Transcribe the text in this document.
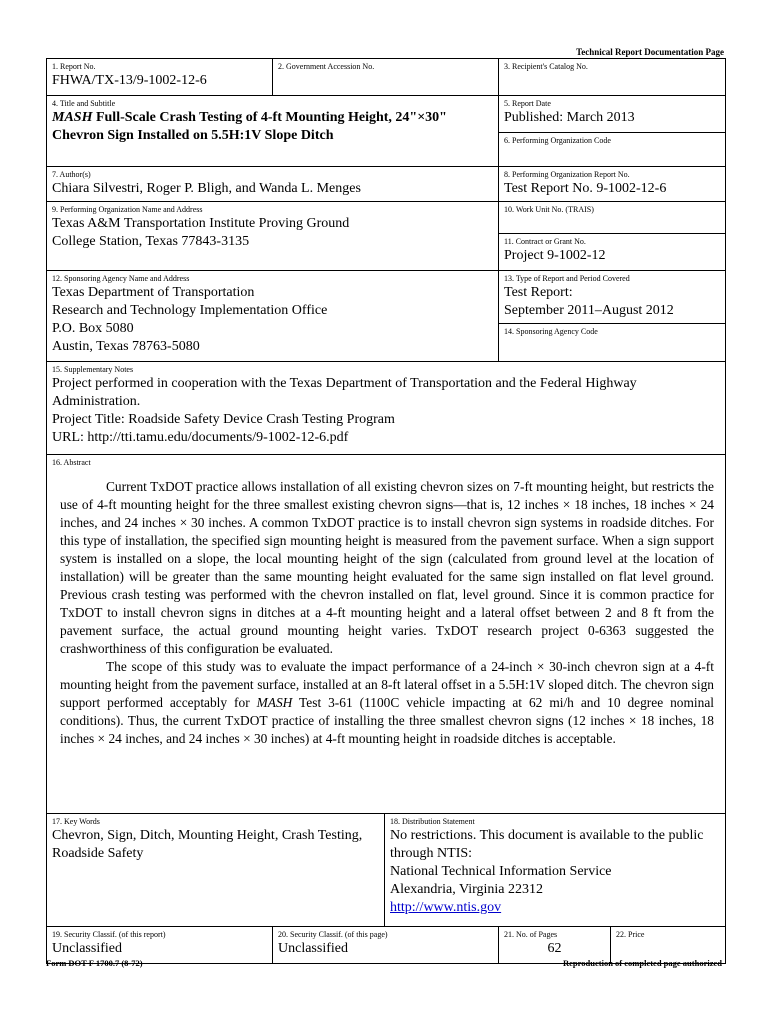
Technical Report Documentation Page
1. Report No.
FHWA/TX-13/9-1002-12-6
2. Government Accession No.	3. Recipient's Catalog No.
4. Title and Subtitle
MASH Full-Scale Crash Testing of 4-ft Mounting Height, 24"×30" Chevron Sign Installed on 5.5H:1V Slope Ditch
5. Report Date
Published: March 2013
6. Performing Organization Code
7. Author(s)
Chiara Silvestri, Roger P. Bligh, and Wanda L. Menges
8. Performing Organization Report No.
Test Report No. 9-1002-12-6
9. Performing Organization Name and Address
Texas A&M Transportation Institute Proving Ground
College Station, Texas 77843-3135
10. Work Unit No. (TRAIS)
11. Contract or Grant No.
Project 9-1002-12
12. Sponsoring Agency Name and Address
Texas Department of Transportation
Research and Technology Implementation Office
P.O. Box 5080
Austin, Texas 78763-5080
13. Type of Report and Period Covered
Test Report:
September 2011–August 2012
14. Sponsoring Agency Code
15. Supplementary Notes
Project performed in cooperation with the Texas Department of Transportation and the Federal Highway Administration.
Project Title: Roadside Safety Device Crash Testing Program
URL: http://tti.tamu.edu/documents/9-1002-12-6.pdf
16. Abstract

Current TxDOT practice allows installation of all existing chevron sizes on 7-ft mounting height, but restricts the use of 4-ft mounting height for the three smallest existing chevron signs—that is, 12 inches × 18 inches, 18 inches × 24 inches, and 24 inches × 30 inches. A common TxDOT practice is to install chevron sign systems in roadside ditches. For this type of installation, the specified sign mounting height is measured from the pavement surface. When a sign support system is installed on a slope, the local mounting height of the sign (calculated from ground level at the location of installation) will be greater than the same mounting height evaluated for the same sign installed on flat level ground. Previous crash testing was performed with the chevron installed on flat, level ground. Since it is common practice for TxDOT to install chevron signs in ditches at a 4-ft mounting height and a lateral offset between 2 and 8 ft from the pavement surface, the actual ground mounting height varies. TxDOT research project 0-6363 suggested the crashworthiness of this configuration be evaluated.

The scope of this study was to evaluate the impact performance of a 24-inch × 30-inch chevron sign at a 4-ft mounting height from the pavement surface, installed at an 8-ft lateral offset in a 5.5H:1V sloped ditch. The chevron sign support performed acceptably for MASH Test 3-61 (1100C vehicle impacting at 62 mi/h and 10 degree nominal conditions). Thus, the current TxDOT practice of installing the three smallest chevron signs (12 inches × 18 inches, 18 inches × 24 inches, and 24 inches × 30 inches) at 4-ft mounting height in roadside ditches is acceptable.

17. Key Words
Chevron, Sign, Ditch, Mounting Height, Crash Testing, Roadside Safety
18. Distribution Statement
No restrictions. This document is available to the public through NTIS:
National Technical Information Service
Alexandria, Virginia 22312
http://www.ntis.gov
19. Security Classif. (of this report)
Unclassified
20. Security Classif. (of this page)
Unclassified
21. No. of Pages
62
22. Price
Form DOT F 1700.7 (8-72)	Reproduction of completed page authorized
